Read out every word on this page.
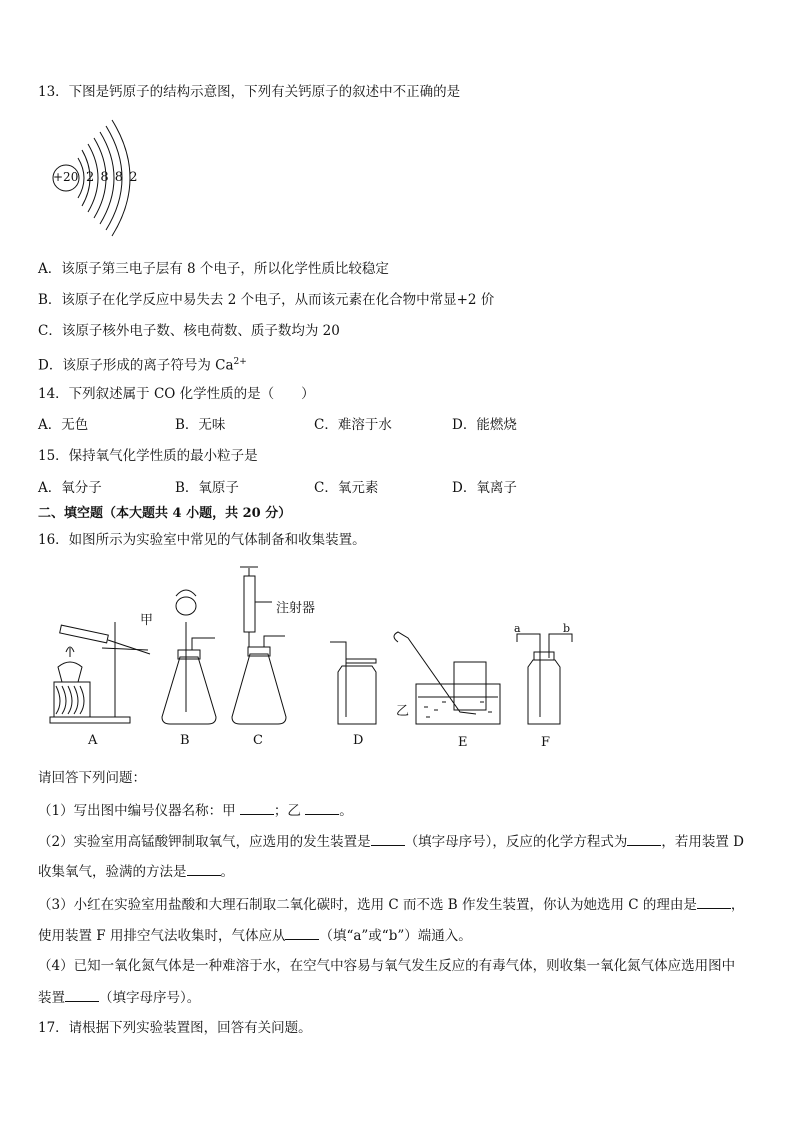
13．下图是钙原子的结构示意图，下列有关钙原子的叙述中不正确的是
+20 2 8 8 2
A．该原子第三电子层有 8 个电子，所以化学性质比较稳定
B．该原子在化学反应中易失去 2 个电子，从而该元素在化合物中常显+2 价
C．该原子核外电子数、核电荷数、质子数均为 20
D．该原子形成的离子符号为 $Ca^{2+}$
14．下列叙述属于 CO 化学性质的是（　　）
A．无色	B．无味	C．难溶于水	D．能燃烧
15．保持氧气化学性质的最小粒子是
A．氧分子	B．氧原子	C．氧元素	D．氧离子
二、填空题（本大题共 4 小题，共 20 分）
16．如图所示为实验室中常见的气体制备和收集装置。
甲
注射器
乙
a	b
A	B	C	D	E	F
请回答下列问题：
（1）写出图中编号仪器名称：甲	；乙	。
（2）实验室用高锰酸钾制取氧气，应选用的发生装置是	（填字母序号），反应的化学方程式为	，若用装置 D
收集氧气，验满的方法是	。
（3）小红在实验室用盐酸和大理石制取二氧化碳时，选用 C 而不选 B 作发生装置，你认为她选用 C 的理由是	，
使用装置 F 用排空气法收集时，气体应从	（填“a”或“b”）端通入。
（4）已知一氧化氮气体是一种难溶于水，在空气中容易与氧气发生反应的有毒气体，则收集一氧化氮气体应选用图中
装置	（填字母序号）。
17．请根据下列实验装置图，回答有关问题。
